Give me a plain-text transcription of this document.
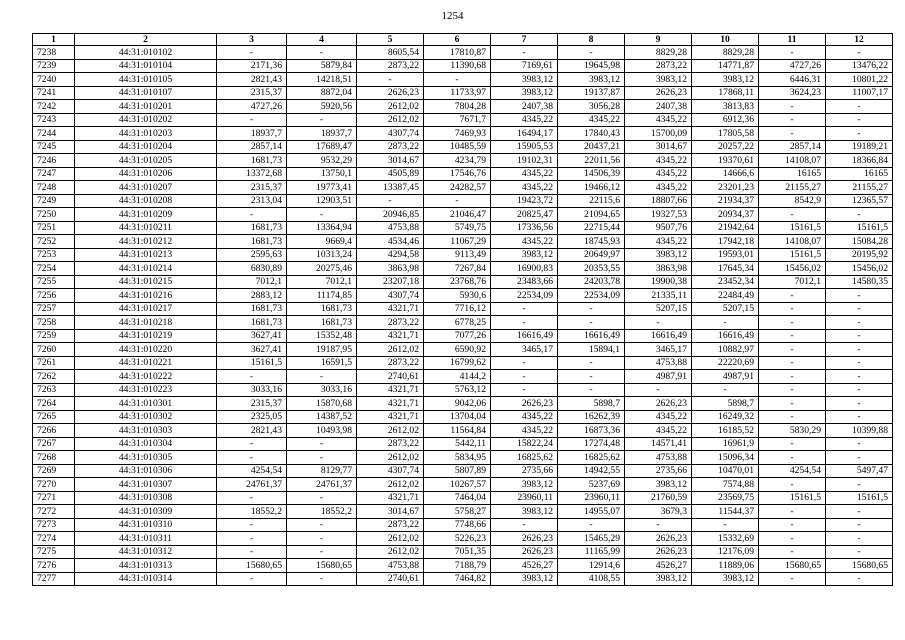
1254
1	2	3	4	5	6	7	8	9	10	11	12
7238	44:31:010102	-	-	8605,54	17810,87	-	-	8829,28	8829,28	-	-
7239	44:31:010104	2171,36	5879,84	2873,22	11390,68	7169,61	19645,98	2873,22	14771,87	4727,26	13476,22
7240	44:31:010105	2821,43	14218,51	-	-	3983,12	3983,12	3983,12	3983,12	6446,31	10801,22
7241	44:31:010107	2315,37	8872,04	2626,23	11733,97	3983,12	19137,87	2626,23	17868,11	3624,23	11007,17
7242	44:31:010201	4727,26	5920,56	2612,02	7804,28	2407,38	3056,28	2407,38	3813,83	-	-
7243	44:31:010202	-	-	2612,02	7671,7	4345,22	4345,22	4345,22	6912,36	-	-
7244	44:31:010203	18937,7	18937,7	4307,74	7469,93	16494,17	17840,43	15700,09	17805,58	-	-
7245	44:31:010204	2857,14	17689,47	2873,22	10485,59	15905,53	20437,21	3014,67	20257,22	2857,14	19189,21
7246	44:31:010205	1681,73	9532,29	3014,67	4234,79	19102,31	22011,56	4345,22	19370,61	14108,07	18366,84
7247	44:31:010206	13372,68	13750,1	4505,89	17546,76	4345,22	14506,39	4345,22	14666,6	16165	16165
7248	44:31:010207	2315,37	19773,41	13387,45	24282,57	4345,22	19466,12	4345,22	23201,23	21155,27	21155,27
7249	44:31:010208	2313,04	12903,51	-	-	19423,72	22115,6	18807,66	21934,37	8542,9	12365,57
7250	44:31:010209	-	-	20946,85	21046,47	20825,47	21094,65	19327,53	20934,37	-	-
7251	44:31:010211	1681,73	13364,94	4753,88	5749,75	17336,56	22715,44	9507,76	21942,64	15161,5	15161,5
7252	44:31:010212	1681,73	9669,4	4534,46	11067,29	4345,22	18745,93	4345,22	17942,18	14108,07	15084,28
7253	44:31:010213	2595,63	10313,24	4294,58	9113,49	3983,12	20649,97	3983,12	19593,01	15161,5	20195,92
7254	44:31:010214	6830,89	20275,46	3863,98	7267,84	16900,83	20353,55	3863,98	17645,34	15456,02	15456,02
7255	44:31:010215	7012,1	7012,1	23207,18	23768,76	23483,66	24203,78	19900,38	23452,34	7012,1	14580,35
7256	44:31:010216	2883,12	11174,85	4307,74	5930,6	22534,09	22534,09	21335,11	22484,49	-	-
7257	44:31:010217	1681,73	1681,73	4321,71	7716,12	-	-	5207,15	5207,15	-	-
7258	44:31:010218	1681,73	1681,73	2873,22	6778,25	-	-	-	-	-	-
7259	44:31:010219	3627,41	15352,48	4321,71	7077,26	16616,49	16616,49	16616,49	16616,49	-	-
7260	44:31:010220	3627,41	19187,95	2612,02	6590,92	3465,17	15894,1	3465,17	10882,97	-	-
7261	44:31:010221	15161,5	16591,5	2873,22	16799,62	-	-	4753,88	22220,69	-	-
7262	44:31:010222	-	-	2740,61	4144,2	-	-	4987,91	4987,91	-	-
7263	44:31:010223	3033,16	3033,16	4321,71	5763,12	-	-	-	-	-	-
7264	44:31:010301	2315,37	15870,68	4321,71	9042,06	2626,23	5898,7	2626,23	5898,7	-	-
7265	44:31:010302	2325,05	14387,52	4321,71	13704,04	4345,22	16262,39	4345,22	16249,32	-	-
7266	44:31:010303	2821,43	10493,98	2612,02	11564,84	4345,22	16873,36	4345,22	16185,52	5830,29	10399,88
7267	44:31:010304	-	-	2873,22	5442,11	15822,24	17274,48	14571,41	16961,9	-	-
7268	44:31:010305	-	-	2612,02	5834,95	16825,62	16825,62	4753,88	15096,34	-	-
7269	44:31:010306	4254,54	8129,77	4307,74	5807,89	2735,66	14942,55	2735,66	10470,01	4254,54	5497,47
7270	44:31:010307	24761,37	24761,37	2612,02	10267,57	3983,12	5237,69	3983,12	7574,88	-	-
7271	44:31:010308	-	-	4321,71	7464,04	23960,11	23960,11	21760,59	23569,75	15161,5	15161,5
7272	44:31:010309	18552,2	18552,2	3014,67	5758,27	3983,12	14955,07	3679,3	11544,37	-	-
7273	44:31:010310	-	-	2873,22	7748,66	-	-	-	-	-	-
7274	44:31:010311	-	-	2612,02	5226,23	2626,23	15465,29	2626,23	15332,69	-	-
7275	44:31:010312	-	-	2612,02	7051,35	2626,23	11165,99	2626,23	12176,09	-	-
7276	44:31:010313	15680,65	15680,65	4753,88	7188,79	4526,27	12914,6	4526,27	11889,06	15680,65	15680,65
7277	44:31:010314	-	-	2740,61	7464,82	3983,12	4108,55	3983,12	3983,12	-	-
